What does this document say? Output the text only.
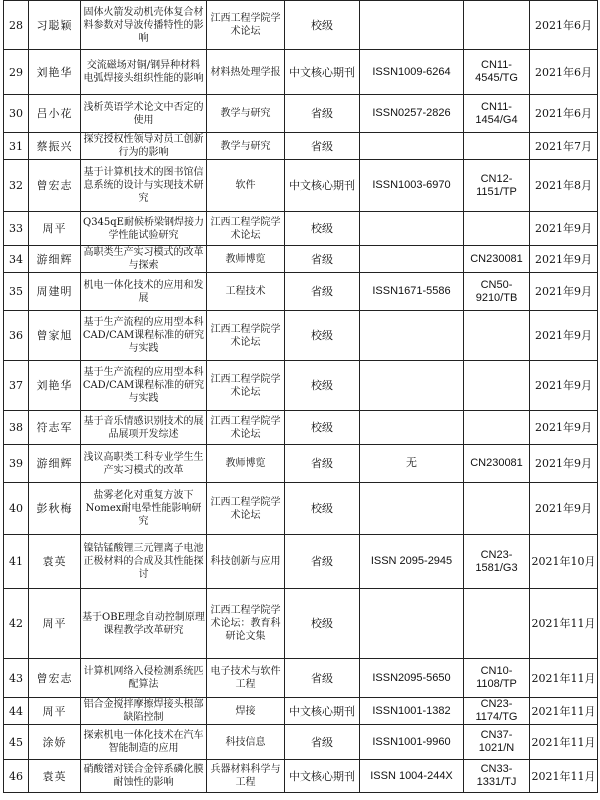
28	习聪颖	固体火箭发动机壳体复合材料参数对导波传播特性的影响	江西工程学院学术论坛	校级			2021年6月
29	刘艳华	交流磁场对铜/钢异种材料电弧焊接头组织性能的影响	材料热处理学报	中文核心期刊	ISSN1009-6264	CN11-4545/TG	2021年6月
30	吕小花	浅析英语学术论文中否定的使用	教学与研究	省级	ISSN0257-2826	CN11-1454/G4	2021年6月
31	蔡振兴	探究授权性领导对员工创新行为的影响	教学与研究	省级			2021年7月
32	曾宏志	基于计算机技术的图书馆信息系统的设计与实现技术研究	软件	中文核心期刊	ISSN1003-6970	CN12-1151/TP	2021年8月
33	周平	Q345qE耐候桥梁钢焊接力学性能试验研究	江西工程学院学术论坛	校级			2021年9月
34	游细辉	高职类生产实习模式的改革与探索	教师博览	省级		CN230081	2021年9月
35	周建明	机电一体化技术的应用和发展	工程技术	省级	ISSN1671-5586	CN50-9210/TB	2021年9月
36	曾家旭	基于生产流程的应用型本科CAD/CAM课程标准的研究与实践	江西工程学院学术论坛	校级			2021年9月
37	刘艳华	基于生产流程的应用型本科CAD/CAM课程标准的研究与实践	江西工程学院学术论坛	校级			2021年9月
38	符志军	基于音乐情感识别技术的展品展项开发综述	江西工程学院学术论坛	校级			2021年9月
39	游细辉	浅议高职类工科专业学生生产实习模式的改革	教师博览	省级	无	CN230081	2021年9月
40	彭秋梅	盐雾老化对重复方波下Nomex耐电晕性能影响研究	江西工程学院学术论坛	校级			2021年9月
41	袁英	镍钴锰酸锂三元锂离子电池正极材料的合成及其性能探讨	科技创新与应用	省级	ISSN 2095-2945	CN23-1581/G3	2021年10月
42	周平	基于OBE理念自动控制原理课程教学改革研究	江西工程学院学术论坛：教育科研论文集	校级			2021年11月
43	曾宏志	计算机网络入侵检测系统匹配算法	电子技术与软件工程	省级	ISSN2095-5650	CN10-1108/TP	2021年11月
44	周平	铝合金搅拌摩擦焊接头根部缺陷控制	焊接	中文核心期刊	ISSN1001-1382	CN23-1174/TG	2021年11月
45	涂娇	探索机电一体化技术在汽车智能制造的应用	科技信息	省级	ISSN1001-9960	CN37-1021/N	2021年11月
46	袁英	硝酸镨对镁合金锌系磷化膜耐蚀性的影响	兵器材料科学与工程	中文核心期刊	ISSN 1004-244X	CN33-1331/TJ	2021年11月
